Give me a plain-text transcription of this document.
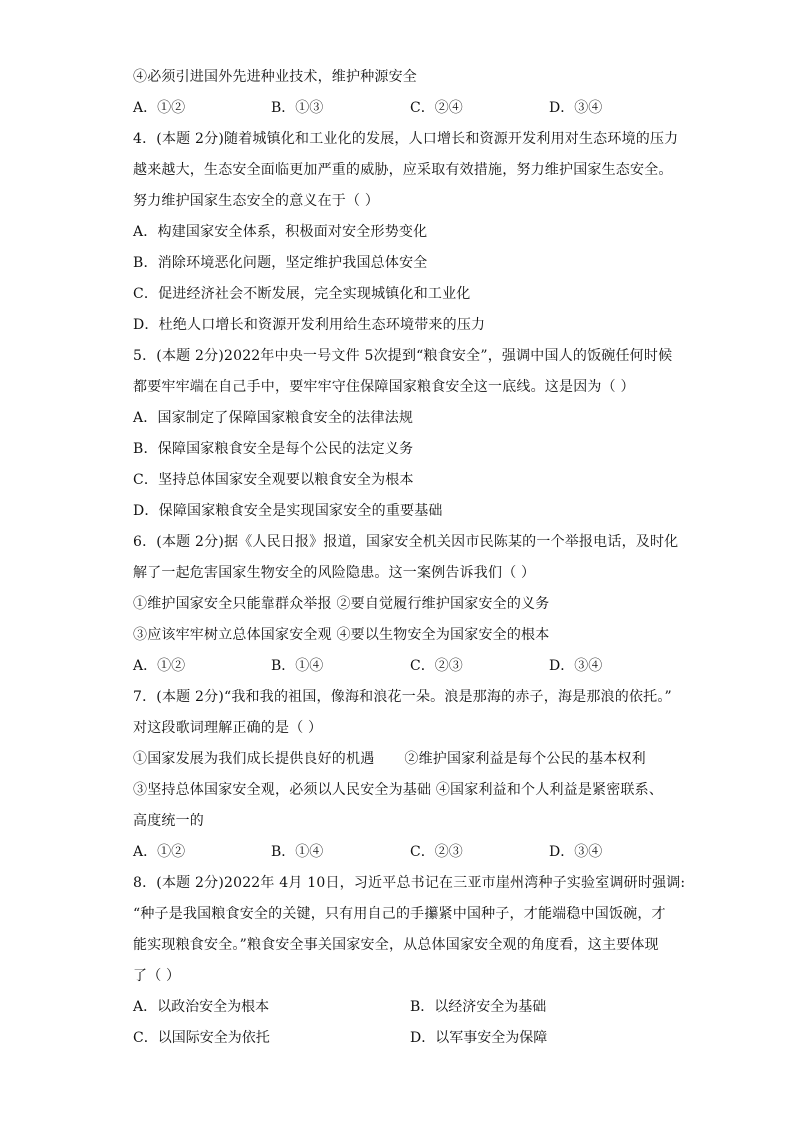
④必须引进国外先进种业技术，维护种源安全
A．①②	B．①③	C．②④	D．③④
4．(本题 2分)随着城镇化和工业化的发展，人口增长和资源开发利用对生态环境的压力
越来越大，生态安全面临更加严重的威胁，应采取有效措施，努力维护国家生态安全。
努力维护国家生态安全的意义在于（ ）
A．构建国家安全体系，积极面对安全形势变化
B．消除环境恶化问题，坚定维护我国总体安全
C．促进经济社会不断发展，完全实现城镇化和工业化
D．杜绝人口增长和资源开发利用给生态环境带来的压力
5．(本题 2分)2022年中央一号文件 5次提到“粮食安全”，强调中国人的饭碗任何时候
都要牢牢端在自己手中，要牢牢守住保障国家粮食安全这一底线。这是因为（ ）
A．国家制定了保障国家粮食安全的法律法规
B．保障国家粮食安全是每个公民的法定义务
C．坚持总体国家安全观要以粮食安全为根本
D．保障国家粮食安全是实现国家安全的重要基础
6．(本题 2分)据《人民日报》报道，国家安全机关因市民陈某的一个举报电话，及时化
解了一起危害国家生物安全的风险隐患。这一案例告诉我们（ ）
①维护国家安全只能靠群众举报 ②要自觉履行维护国家安全的义务
③应该牢牢树立总体国家安全观 ④要以生物安全为国家安全的根本
A．①②	B．①④	C．②③	D．③④
7．(本题 2分)“我和我的祖国，像海和浪花一朵。浪是那海的赤子，海是那浪的依托。”
对这段歌词理解正确的是（ ）
①国家发展为我们成长提供良好的机遇 ②维护国家利益是每个公民的基本权利
③坚持总体国家安全观，必须以人民安全为基础 ④国家利益和个人利益是紧密联系、
高度统一的
A．①②	B．①④	C．②③	D．③④
8．(本题 2分)2022年 4月 10日，习近平总书记在三亚市崖州湾种子实验室调研时强调:
“种子是我国粮食安全的关键，只有用自己的手攥紧中国种子，才能端稳中国饭碗，才
能实现粮食安全。”粮食安全事关国家安全，从总体国家安全观的角度看，这主要体现
了（ ）
A．以政治安全为根本	B．以经济安全为基础
C．以国际安全为依托	D．以军事安全为保障
